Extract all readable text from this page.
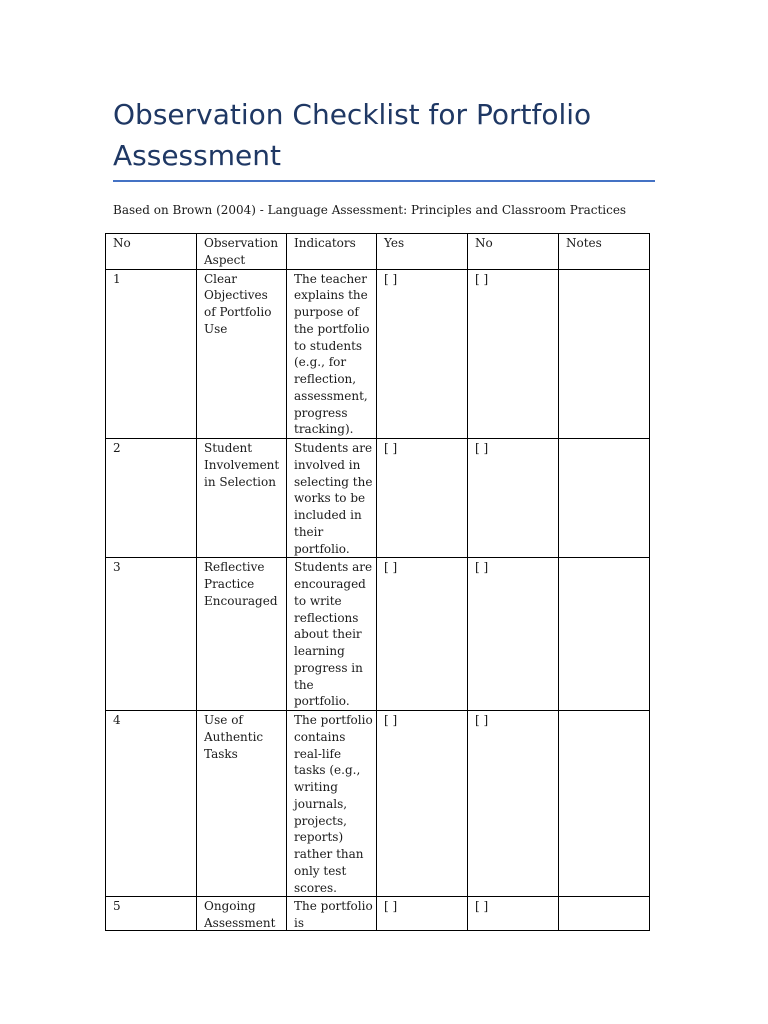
Observation Checklist for Portfolio Assessment
Based on Brown (2004) - Language Assessment: Principles and Classroom Practices
No	Observation Aspect	Indicators	Yes	No	Notes
1	Clear Objectives of Portfolio Use	The teacher explains the purpose of the portfolio to students (e.g., for reflection, assessment, progress tracking).	[ ]	[ ]	
2	Student Involvement in Selection	Students are involved in selecting the works to be included in their portfolio.	[ ]	[ ]	
3	Reflective Practice Encouraged	Students are encouraged to write reflections about their learning progress in the portfolio.	[ ]	[ ]	
4	Use of Authentic Tasks	The portfolio contains real-life tasks (e.g., writing journals, projects, reports) rather than only test scores.	[ ]	[ ]	
5	Ongoing Assessment	The portfolio is	[ ]	[ ]	
